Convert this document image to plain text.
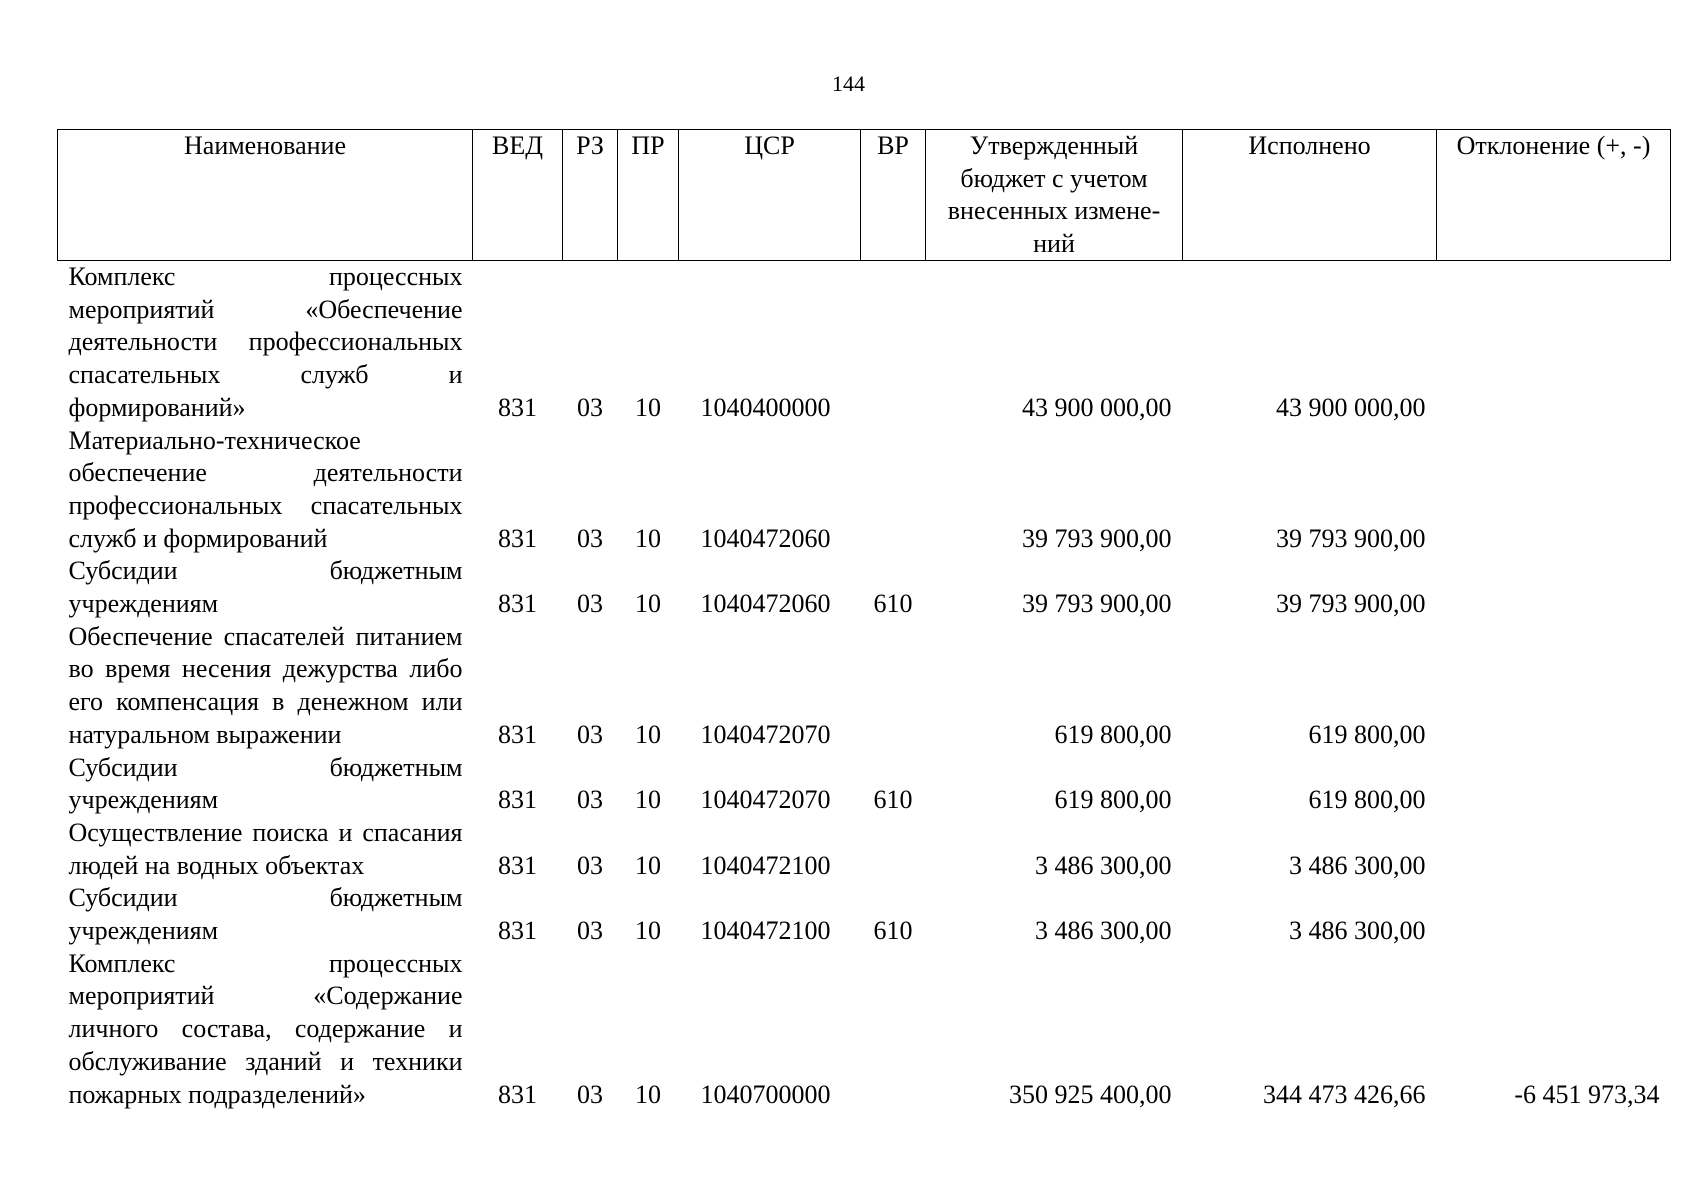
144
Наименование	ВЕД	РЗ	ПР	ЦСР	ВР	Утвержденный бюджет с учетом внесенных измене-ний	Исполнено	Отклонение (+, -)
Комплекс процессных мероприятий «Обеспечение деятельности профессиональных спасательных служб и формирований»	831	03	10	1040400000		43 900 000,00	43 900 000,00	
Материально-техническое обеспечение деятельности профессиональных спасательных служб и формирований	831	03	10	1040472060		39 793 900,00	39 793 900,00	
Субсидии бюджетным учреждениям	831	03	10	1040472060	610	39 793 900,00	39 793 900,00	
Обеспечение спасателей питанием во время несения дежурства либо его компенсация в денежном или натуральном выражении	831	03	10	1040472070		619 800,00	619 800,00	
Субсидии бюджетным учреждениям	831	03	10	1040472070	610	619 800,00	619 800,00	
Осуществление поиска и спасания людей на водных объектах	831	03	10	1040472100		3 486 300,00	3 486 300,00	
Субсидии бюджетным учреждениям	831	03	10	1040472100	610	3 486 300,00	3 486 300,00	
Комплекс процессных мероприятий «Содержание личного состава, содержание и обслуживание зданий и техники пожарных подразделений»	831	03	10	1040700000		350 925 400,00	344 473 426,66	-6 451 973,34
